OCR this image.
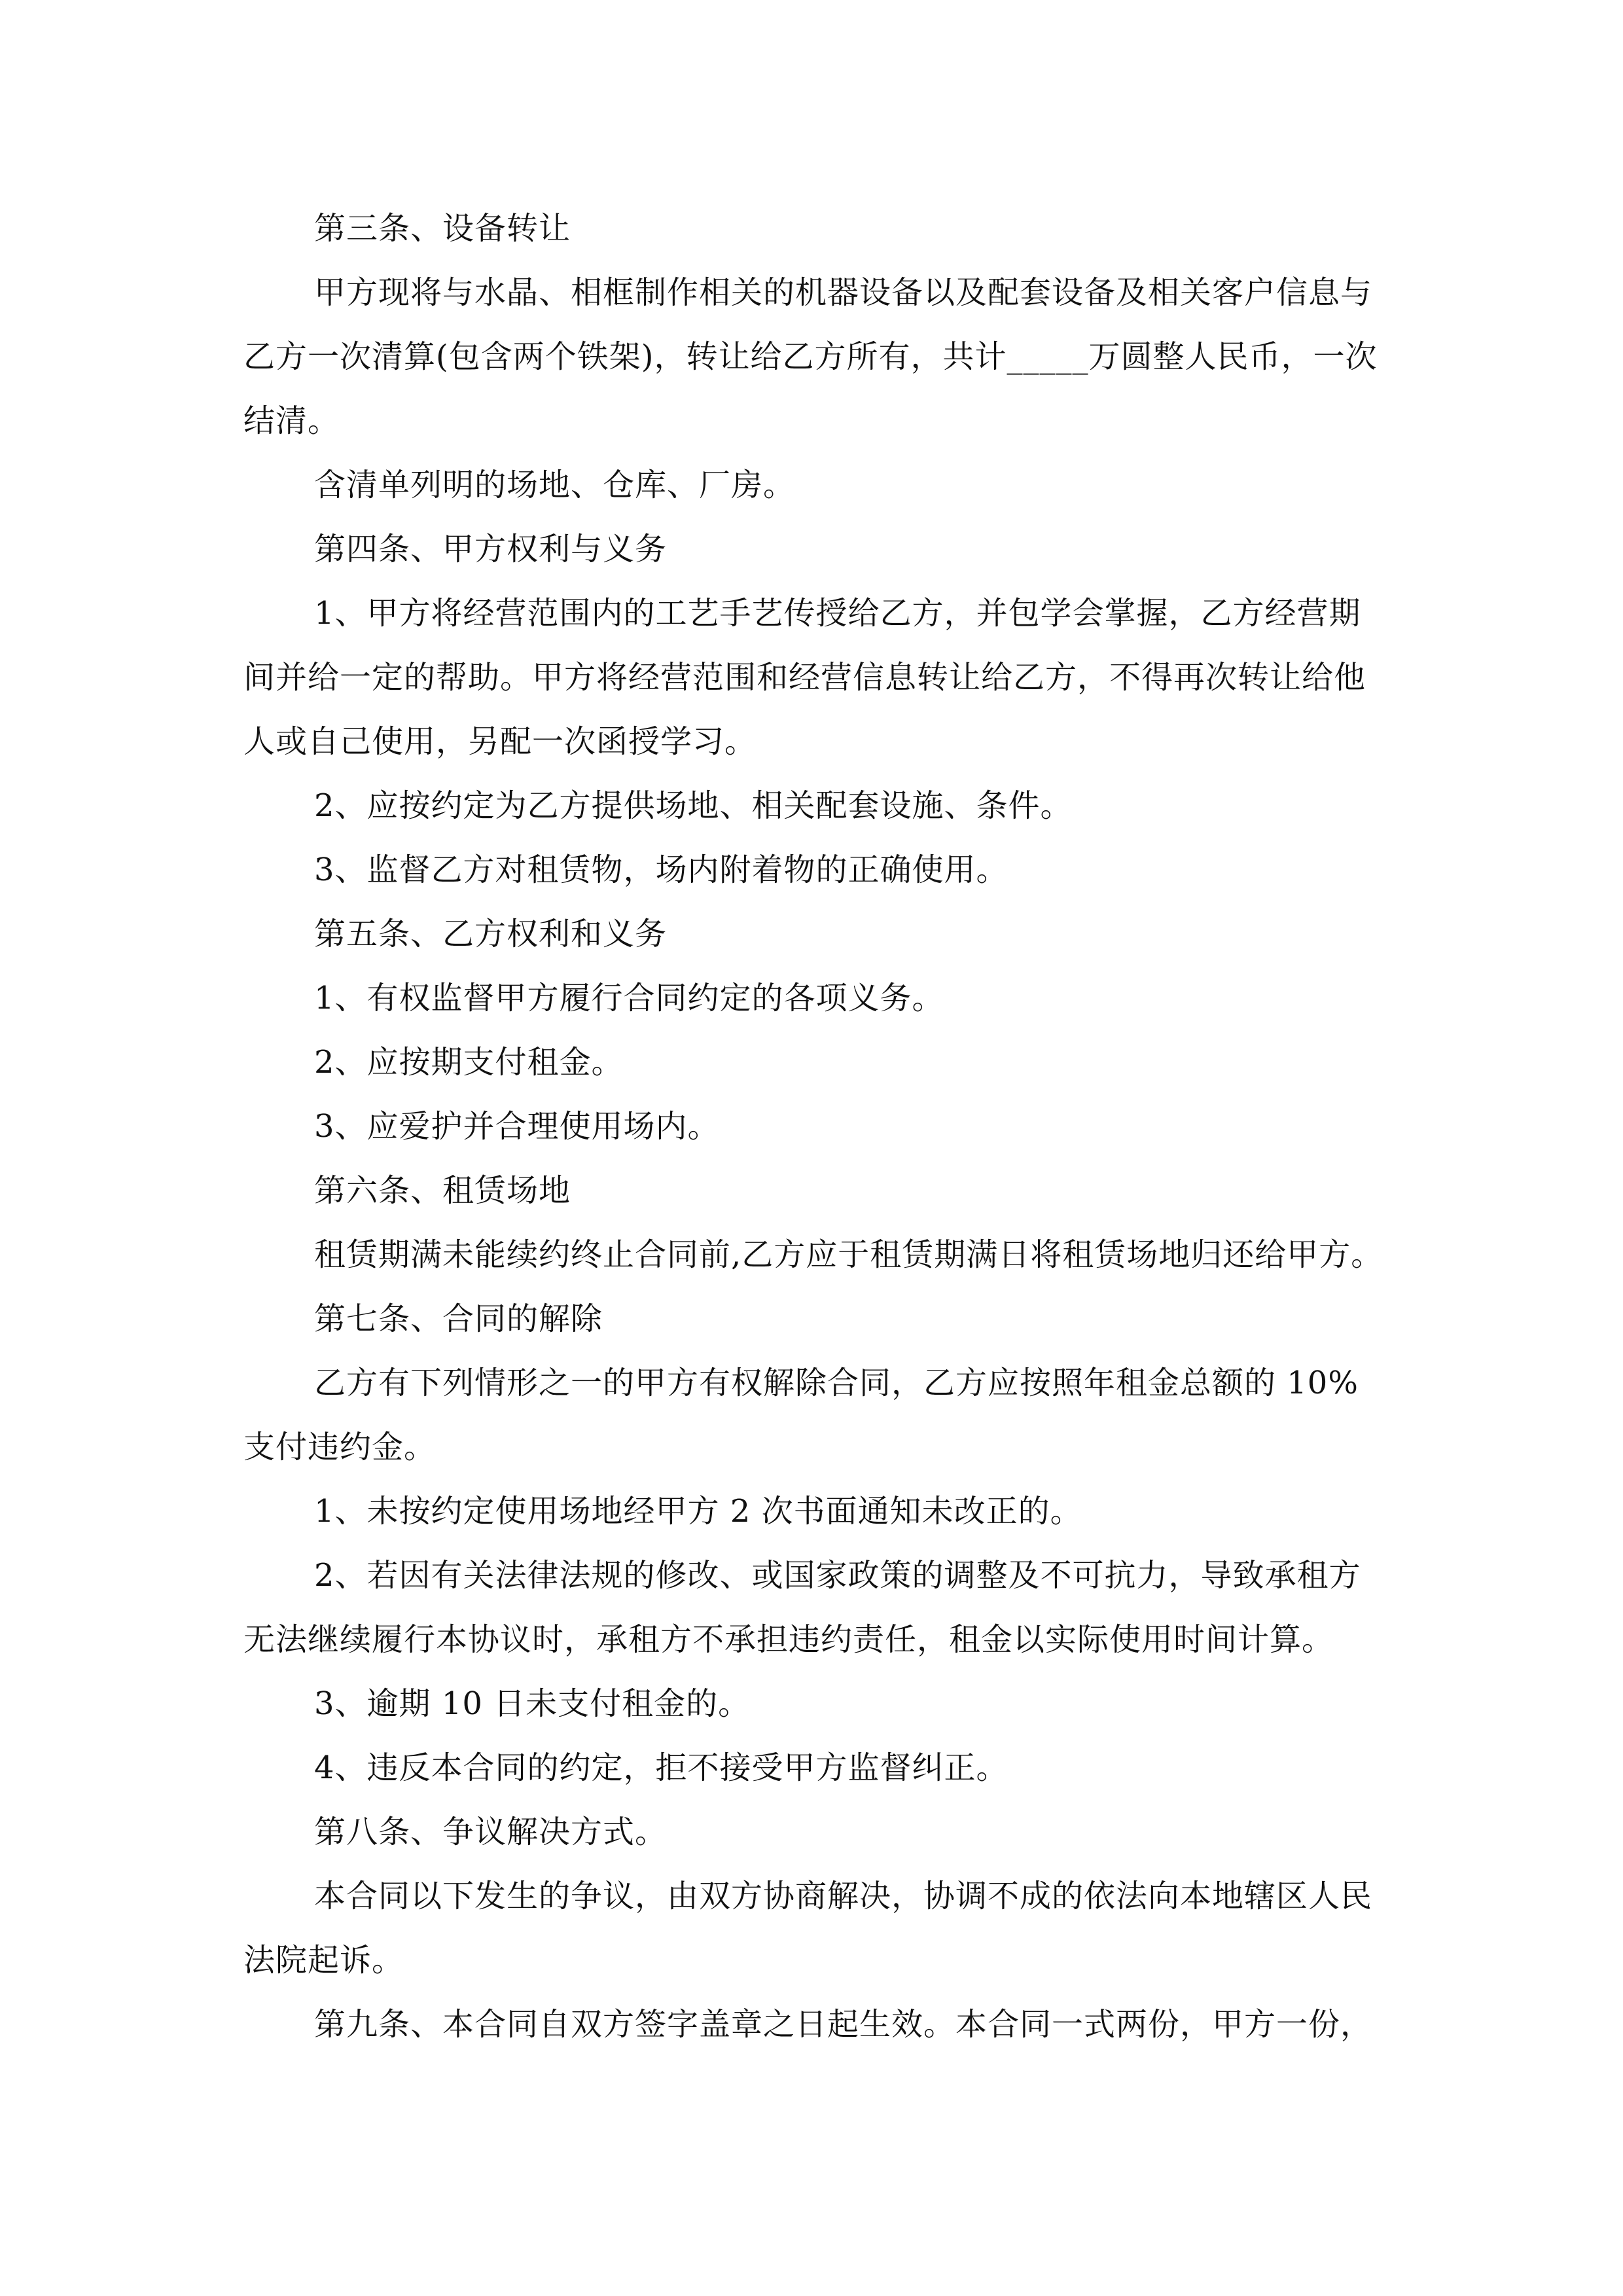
第三条、设备转让

甲方现将与水晶、相框制作相关的机器设备以及配套设备及相关客户信息与乙方一次清算(包含两个铁架)，转让给乙方所有，共计_____万圆整人民币，一次结清。

含清单列明的场地、仓库、厂房。

第四条、甲方权利与义务

1、甲方将经营范围内的工艺手艺传授给乙方，并包学会掌握，乙方经营期间并给一定的帮助。甲方将经营范围和经营信息转让给乙方，不得再次转让给他人或自己使用，另配一次函授学习。

2、应按约定为乙方提供场地、相关配套设施、条件。

3、监督乙方对租赁物，场内附着物的正确使用。

第五条、乙方权利和义务

1、有权监督甲方履行合同约定的各项义务。

2、应按期支付租金。

3、应爱护并合理使用场内。

第六条、租赁场地

租赁期满未能续约终止合同前,乙方应于租赁期满日将租赁场地归还给甲方。

第七条、合同的解除

乙方有下列情形之一的甲方有权解除合同，乙方应按照年租金总额的 10%支付违约金。

1、未按约定使用场地经甲方 2 次书面通知未改正的。

2、若因有关法律法规的修改、或国家政策的调整及不可抗力，导致承租方无法继续履行本协议时，承租方不承担违约责任，租金以实际使用时间计算。

3、逾期 10 日未支付租金的。

4、违反本合同的约定，拒不接受甲方监督纠正。

第八条、争议解决方式。

本合同以下发生的争议，由双方协商解决，协调不成的依法向本地辖区人民法院起诉。

第九条、本合同自双方签字盖章之日起生效。本合同一式两份，甲方一份，
